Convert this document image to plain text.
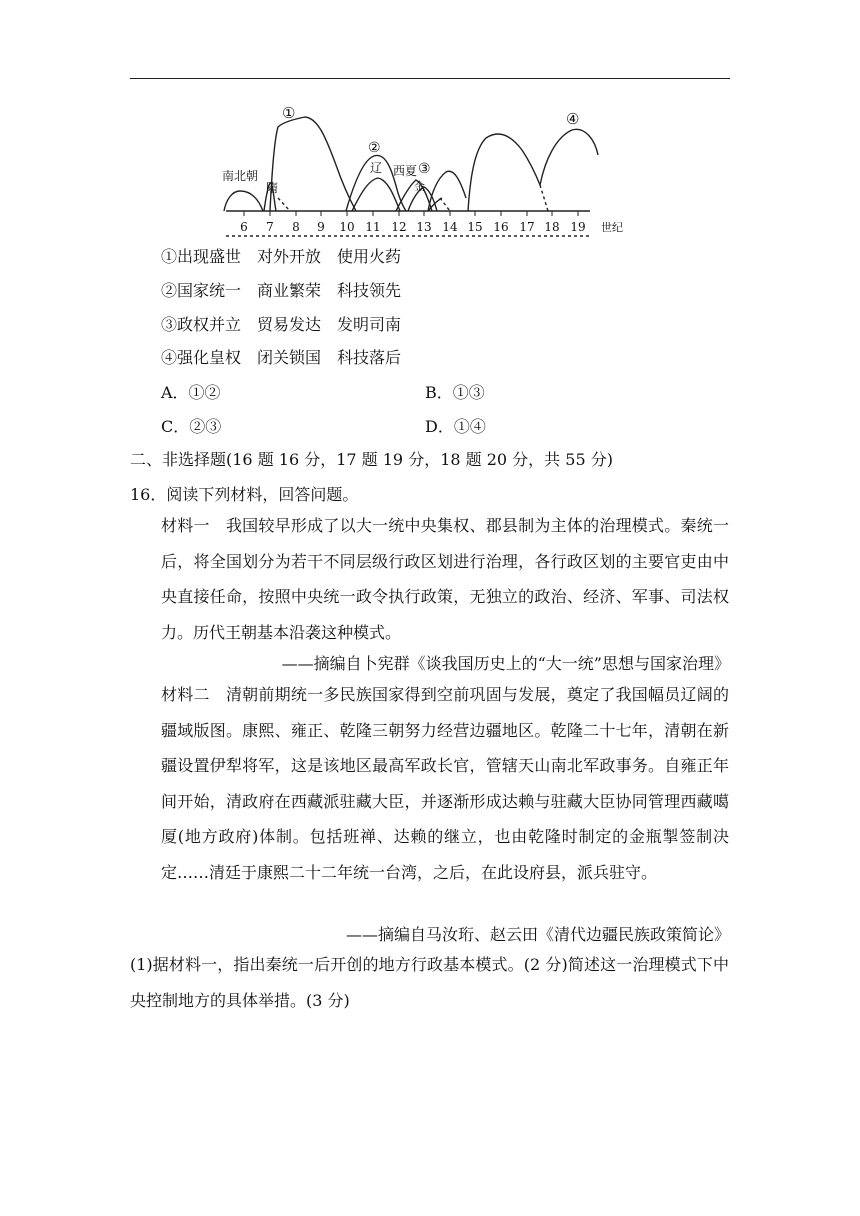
6 7 8 9 10 11 12 13 14 15 16 17 18 19 世纪
南北朝
隋
①
②
辽 西夏 ③
金
④
①出现盛世　对外开放　使用火药
②国家统一　商业繁荣　科技领先
③政权并立　贸易发达　发明司南
④强化皇权　闭关锁国　科技落后
A．①②	B．①③
C．②③	D．①④
二、非选择题(16 题 16 分，17 题 19 分，18 题 20 分，共 55 分)
16．阅读下列材料，回答问题。
材料一　我国较早形成了以大一统中央集权、郡县制为主体的治理模式。秦统一后，将全国划分为若干不同层级行政区划进行治理，各行政区划的主要官吏由中央直接任命，按照中央统一政令执行政策，无独立的政治、经济、军事、司法权力。历代王朝基本沿袭这种模式。
——摘编自卜宪群《谈我国历史上的“大一统”思想与国家治理》
材料二　清朝前期统一多民族国家得到空前巩固与发展，奠定了我国幅员辽阔的疆域版图。康熙、雍正、乾隆三朝努力经营边疆地区。乾隆二十七年，清朝在新疆设置伊犁将军，这是该地区最高军政长官，管辖天山南北军政事务。自雍正年间开始，清政府在西藏派驻藏大臣，并逐渐形成达赖与驻藏大臣协同管理西藏噶厦(地方政府)体制。包括班禅、达赖的继立，也由乾隆时制定的金瓶掣签制决定……清廷于康熙二十二年统一台湾，之后，在此设府县，派兵驻守。
——摘编自马汝珩、赵云田《清代边疆民族政策简论》
(1)据材料一，指出秦统一后开创的地方行政基本模式。(2 分)简述这一治理模式下中央控制地方的具体举措。(3 分)
